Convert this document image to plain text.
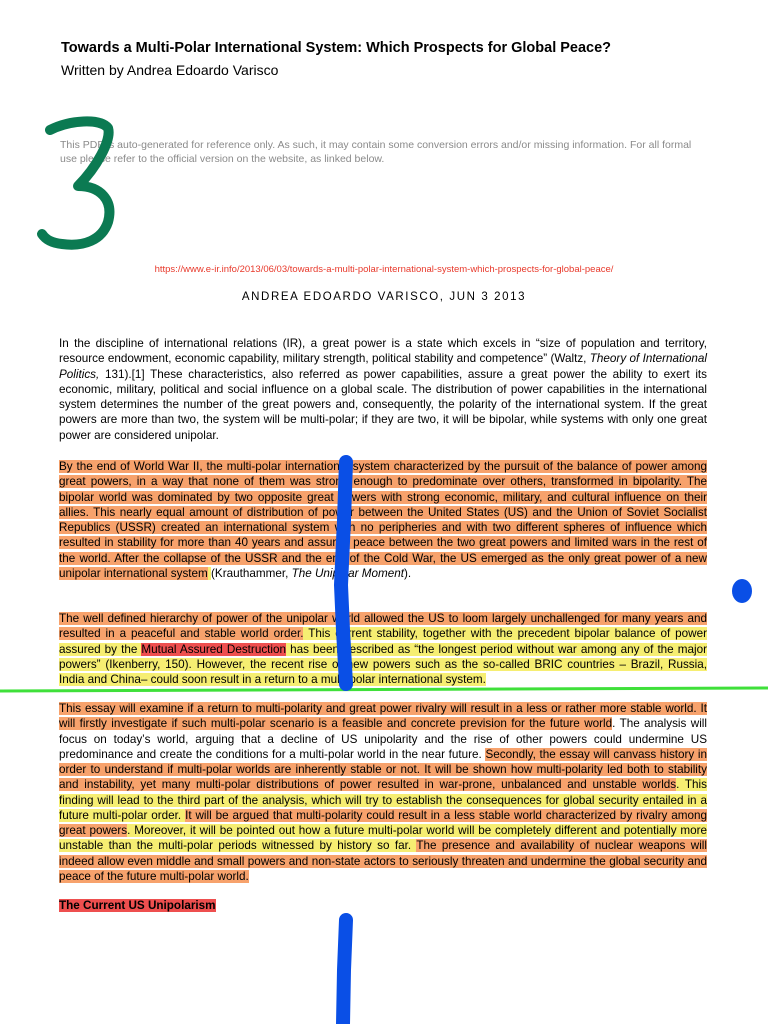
Towards a Multi-Polar International System: Which Prospects for Global Peace?
Written by Andrea Edoardo Varisco
This PDF is auto-generated for reference only. As such, it may contain some conversion errors and/or missing information. For all formal use please refer to the official version on the website, as linked below.
https://www.e-ir.info/2013/06/03/towards-a-multi-polar-international-system-which-prospects-for-global-peace/
ANDREA EDOARDO VARISCO, JUN 3 2013
In the discipline of international relations (IR), a great power is a state which excels in “size of population and territory, resource endowment, economic capability, military strength, political stability and competence” (Waltz, Theory of International Politics, 131).[1] These characteristics, also referred as power capabilities, assure a great power the ability to exert its economic, military, political and social influence on a global scale. The distribution of power capabilities in the international system determines the number of the great powers and, consequently, the polarity of the international system. If the great powers are more than two, the system will be multi-polar; if they are two, it will be bipolar, while systems with only one great power are considered unipolar.
By the end of World War II, the multi-polar international system characterized by the pursuit of the balance of power among great powers, in a way that none of them was strong enough to predominate over others, transformed in bipolarity. The bipolar world was dominated by two opposite great powers with strong economic, military, and cultural influence on their allies. This nearly equal amount of distribution of power between the United States (US) and the Union of Soviet Socialist Republics (USSR) created an international system with no peripheries and with two different spheres of influence which resulted in stability for more than 40 years and assured peace between the two great powers and limited wars in the rest of the world. After the collapse of the USSR and the end of the Cold War, the US emerged as the only great power of a new unipolar international system (Krauthammer, The Unipolar Moment).
The well defined hierarchy of power of the unipolar world allowed the US to loom largely unchallenged for many years and resulted in a peaceful and stable world order. This current stability, together with the precedent bipolar balance of power assured by the Mutual Assured Destruction has been described as “the longest period without war among any of the major powers” (Ikenberry, 150). However, the recent rise of new powers such as the so-called BRIC countries – Brazil, Russia, India and China– could soon result in a return to a multi-polar international system.
This essay will examine if a return to multi-polarity and great power rivalry will result in a less or rather more stable world. It will firstly investigate if such multi-polar scenario is a feasible and concrete prevision for the future world. The analysis will focus on today’s world, arguing that a decline of US unipolarity and the rise of other powers could undermine US predominance and create the conditions for a multi-polar world in the near future. Secondly, the essay will canvass history in order to understand if multi-polar worlds are inherently stable or not. It will be shown how multi-polarity led both to stability and instability, yet many multi-polar distributions of power resulted in war-prone, unbalanced and unstable worlds. This finding will lead to the third part of the analysis, which will try to establish the consequences for global security entailed in a future multi-polar order. It will be argued that multi-polarity could result in a less stable world characterized by rivalry among great powers. Moreover, it will be pointed out how a future multi-polar world will be completely different and potentially more unstable than the multi-polar periods witnessed by history so far. The presence and availability of nuclear weapons will indeed allow even middle and small powers and non-state actors to seriously threaten and undermine the global security and peace of the future multi-polar world.
The Current US Unipolarism
